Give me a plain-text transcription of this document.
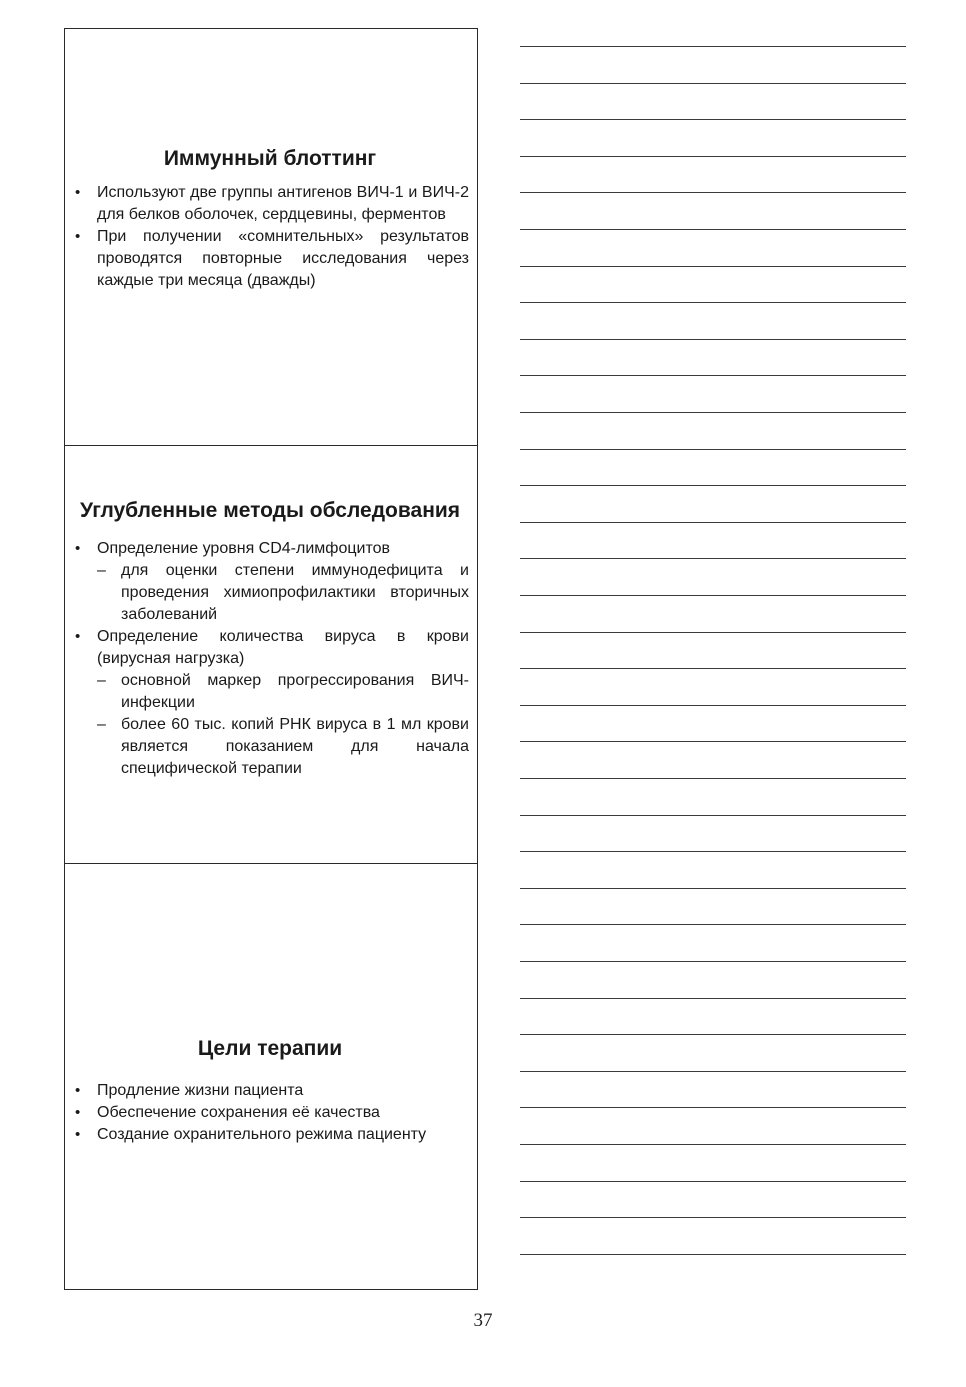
Иммунный блоттинг
• Используют две группы антигенов ВИЧ-1 и ВИЧ-2 для белков оболочек, сердцевины, ферментов
• При получении «сомнительных» результатов проводятся повторные исследования через каждые три месяца (дважды)
Углубленные методы обследования
• Определение уровня CD4-лимфоцитов
– для оценки степени иммунодефицита и проведения химиопрофилактики вторичных заболеваний
• Определение количества вируса в крови (вирусная нагрузка)
– основной маркер прогрессирования ВИЧ-инфекции
– более 60 тыс. копий РНК вируса в 1 мл крови является показанием для начала специфической терапии
Цели терапии
• Продление жизни пациента
• Обеспечение сохранения её качества
• Создание охранительного режима пациенту
37
